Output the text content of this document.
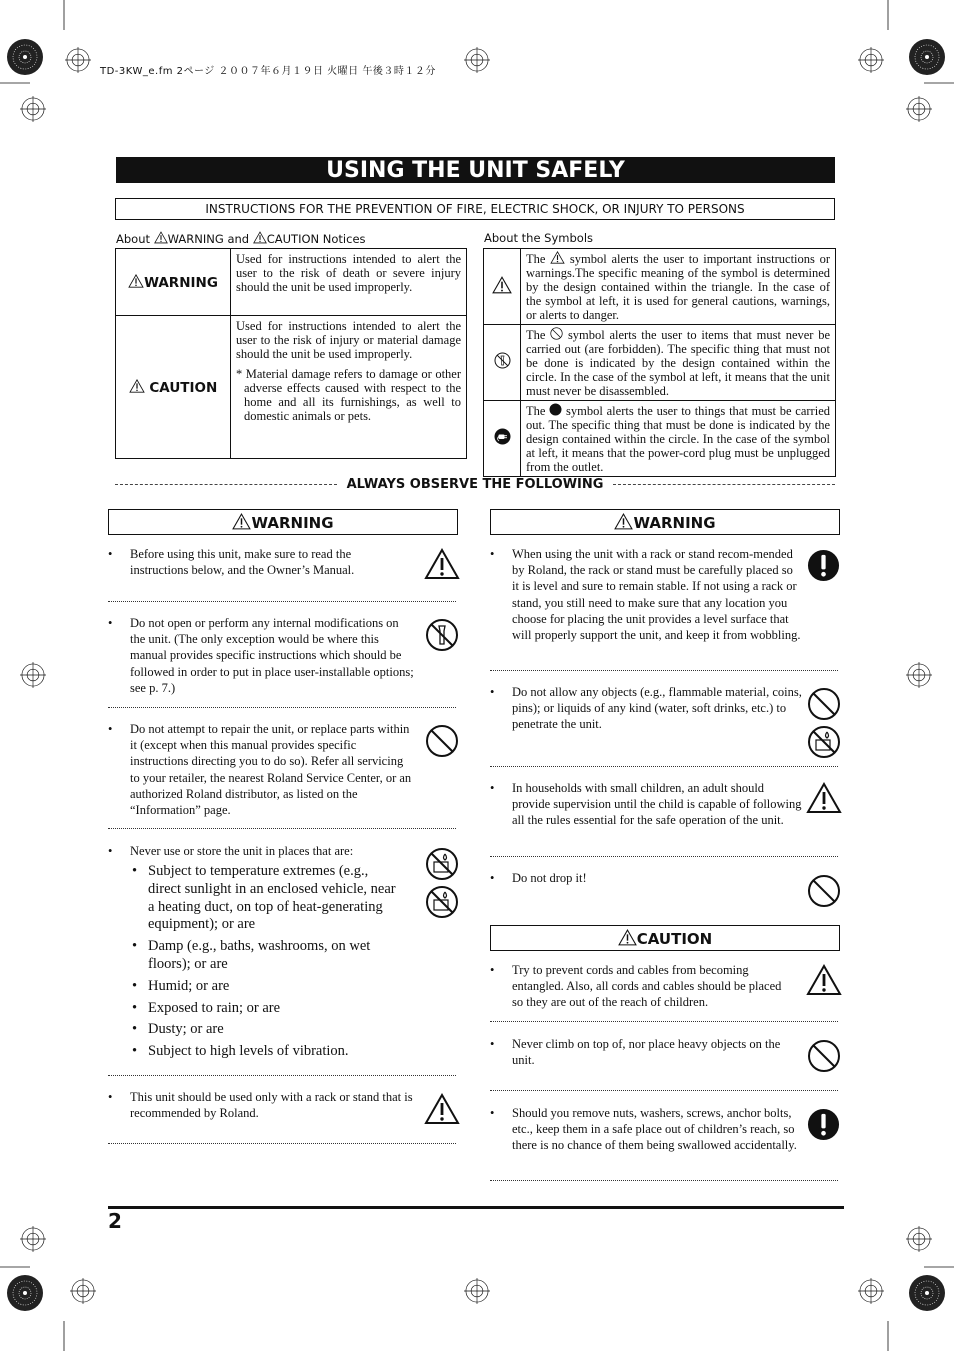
TD-3KW_e.fm 2ページ ２００７年６月１９日 火曜日 午後３時１２分
USING THE UNIT SAFELY
INSTRUCTIONS FOR THE PREVENTION OF FIRE, ELECTRIC SHOCK, OR INJURY TO PERSONS
About WARNING and CAUTION Notices	About the Symbols
WARNING	Used for instructions intended to alert the user to the risk of death or severe injury should the unit be used improperly.
CAUTION	Used for instructions intended to alert the user to the risk of injury or material damage should the unit be used improperly.
* Material damage refers to damage or other adverse effects caused with respect to the home and all its furnishings, as well to domestic animals or pets.
	The symbol alerts the user to important instructions or warnings.The specific meaning of the symbol is determined by the design contained within the triangle. In the case of the symbol at left, it is used for general cautions, warnings, or alerts to danger.
	The symbol alerts the user to items that must never be carried out (are forbidden). The specific thing that must not be done is indicated by the design contained within the circle. In the case of the symbol at left, it means that the unit must never be disassembled.
	The symbol alerts the user to things that must be carried out. The specific thing that must be done is indicated by the design contained within the circle. In the case of the symbol at left, it means that the power-cord plug must be unplugged from the outlet.
ALWAYS OBSERVE THE FOLLOWING
WARNING
• Before using this unit, make sure to read the instructions below, and the Owner’s Manual.
• Do not open or perform any internal modifications on the unit. (The only exception would be where this manual provides specific instructions which should be followed in order to put in place user-installable options; see p. 7.)
• Do not attempt to repair the unit, or replace parts within it (except when this manual provides specific instructions directing you to do so). Refer all servicing to your retailer, the nearest Roland Service Center, or an authorized Roland distributor, as listed on the “Information” page.
• Never use or store the unit in places that are:
• Subject to temperature extremes (e.g., direct sunlight in an enclosed vehicle, near a heating duct, on top of heat-generating equipment); or are
• Damp (e.g., baths, washrooms, on wet floors); or are
• Humid; or are
• Exposed to rain; or are
• Dusty; or are
• Subject to high levels of vibration.
• This unit should be used only with a rack or stand that is recommended by Roland.
WARNING
• When using the unit with a rack or stand recom-mended by Roland, the rack or stand must be carefully placed so it is level and sure to remain stable. If not using a rack or stand, you still need to make sure that any location you choose for placing the unit provides a level surface that will properly support the unit, and keep it from wobbling.
• Do not allow any objects (e.g., flammable material, coins, pins); or liquids of any kind (water, soft drinks, etc.) to penetrate the unit.
• In households with small children, an adult should provide supervision until the child is capable of following all the rules essential for the safe operation of the unit.
• Do not drop it!
CAUTION
• Try to prevent cords and cables from becoming entangled. Also, all cords and cables should be placed so they are out of the reach of children.
• Never climb on top of, nor place heavy objects on the unit.
• Should you remove nuts, washers, screws, anchor bolts, etc., keep them in a safe place out of children’s reach, so there is no chance of them being swallowed accidentally.
2
